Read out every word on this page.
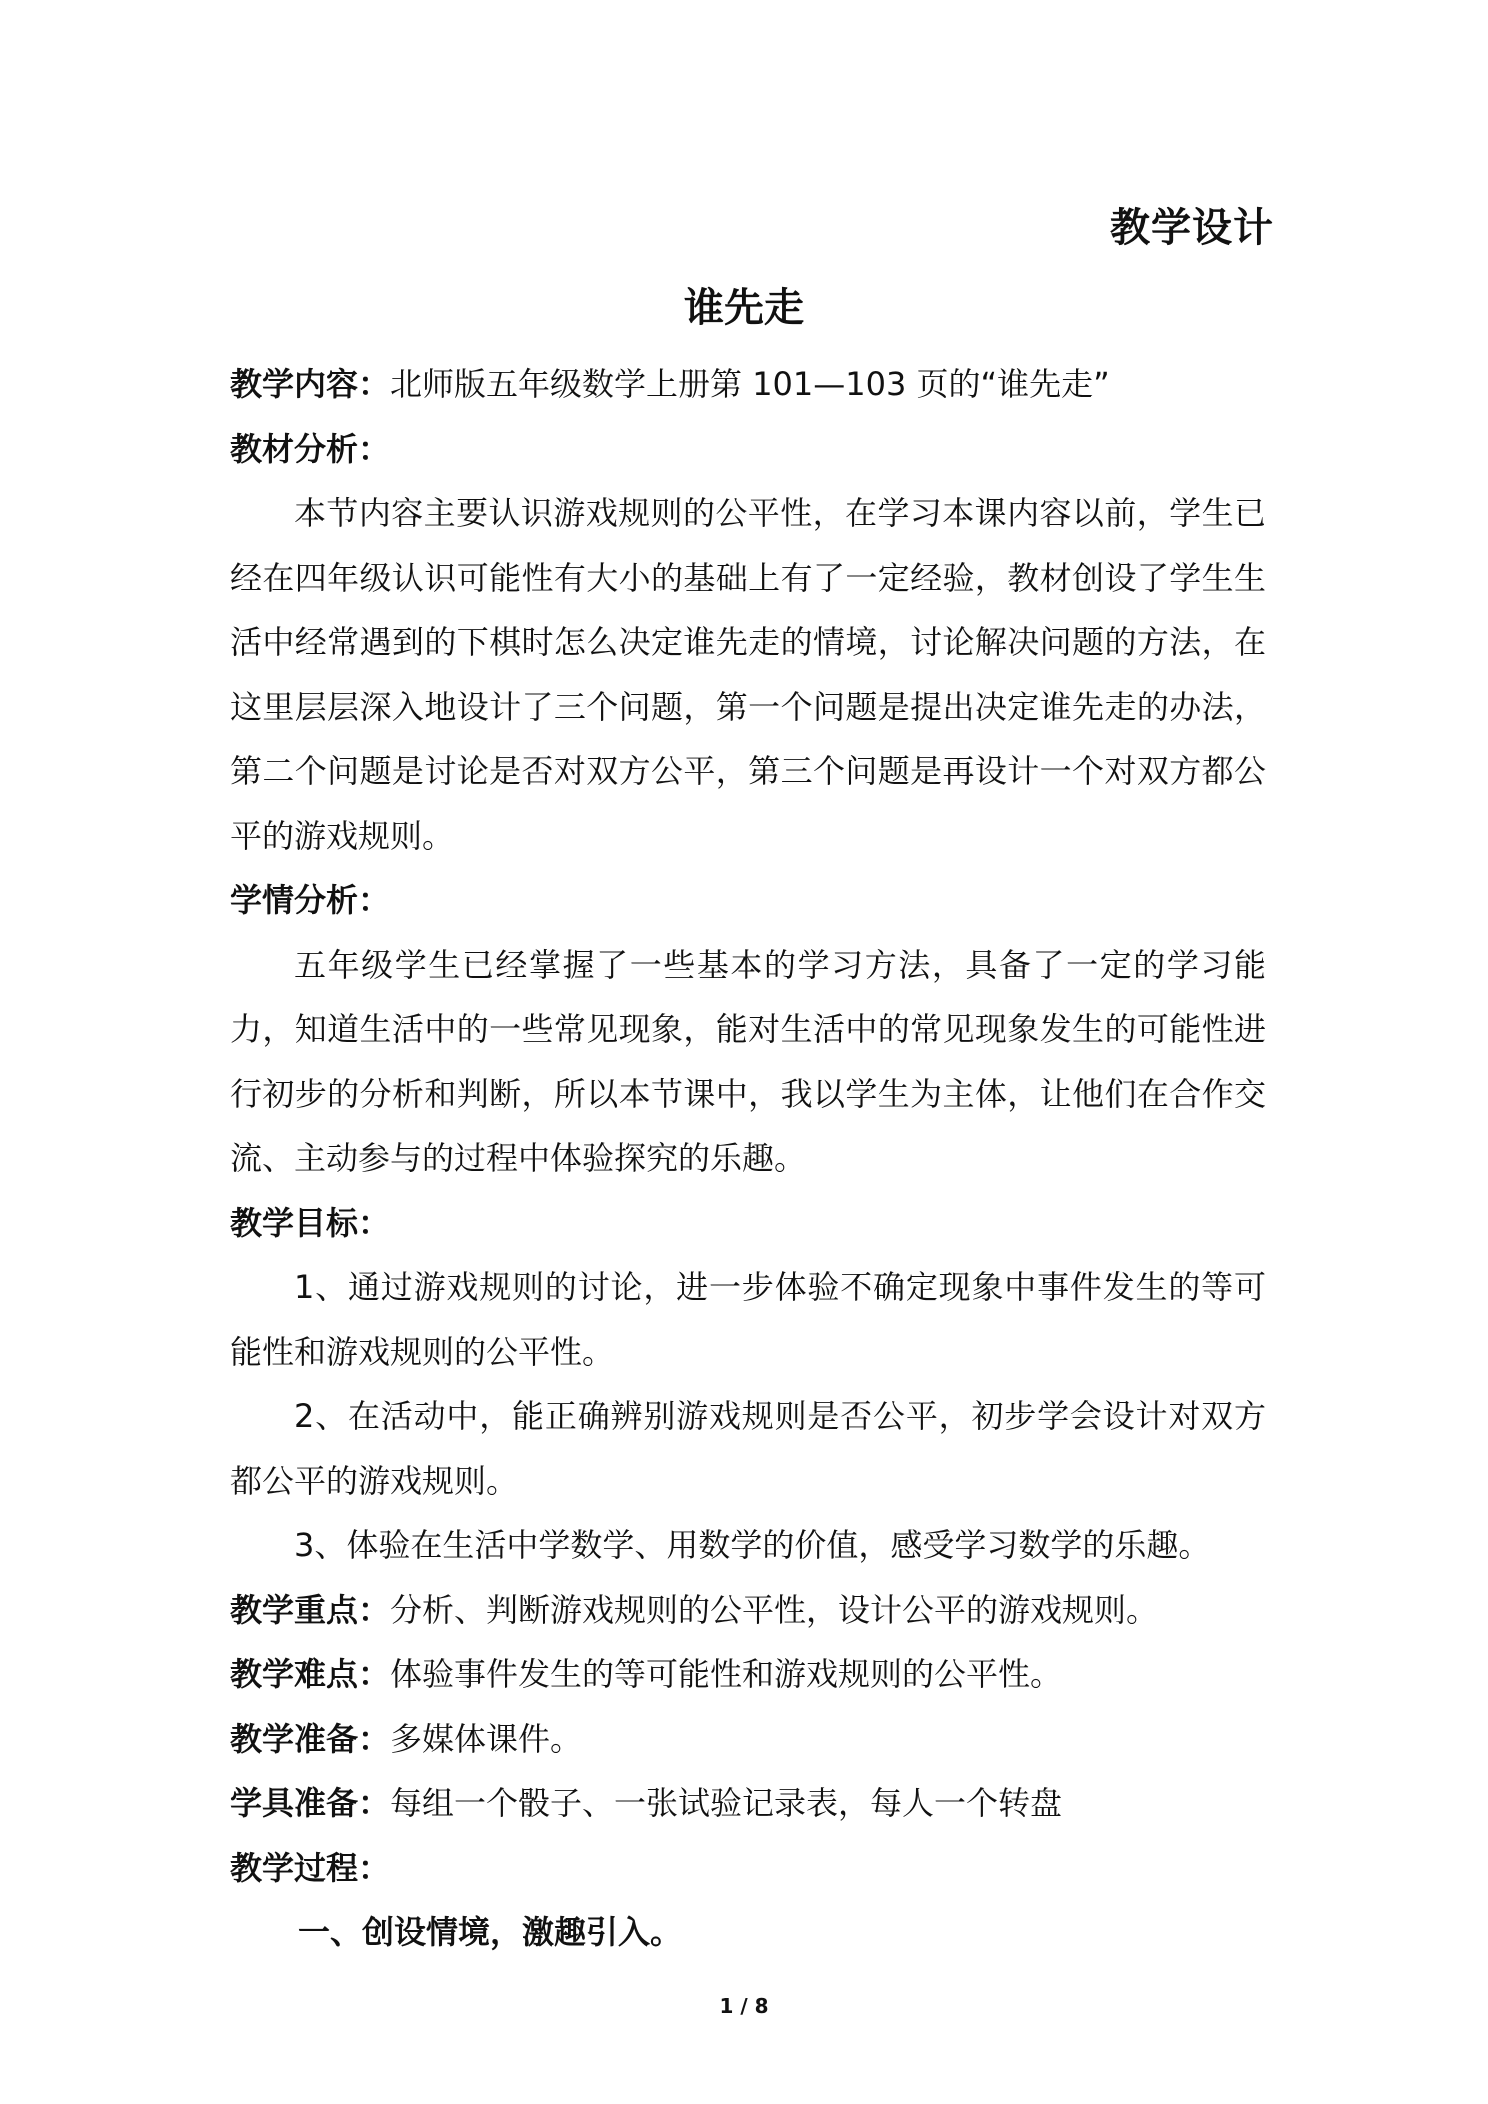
教学设计
谁先走
教学内容：北师版五年级数学上册第 101—103 页的“谁先走”
教材分析：
本节内容主要认识游戏规则的公平性，在学习本课内容以前，学生已经在四年级认识可能性有大小的基础上有了一定经验，教材创设了学生生活中经常遇到的下棋时怎么决定谁先走的情境，讨论解决问题的方法，在这里层层深入地设计了三个问题，第一个问题是提出决定谁先走的办法，第二个问题是讨论是否对双方公平，第三个问题是再设计一个对双方都公平的游戏规则。
学情分析：
五年级学生已经掌握了一些基本的学习方法，具备了一定的学习能力，知道生活中的一些常见现象，能对生活中的常见现象发生的可能性进行初步的分析和判断，所以本节课中，我以学生为主体，让他们在合作交流、主动参与的过程中体验探究的乐趣。
教学目标：
1、通过游戏规则的讨论，进一步体验不确定现象中事件发生的等可能性和游戏规则的公平性。
2、在活动中，能正确辨别游戏规则是否公平，初步学会设计对双方都公平的游戏规则。
3、体验在生活中学数学、用数学的价值，感受学习数学的乐趣。
教学重点：分析、判断游戏规则的公平性，设计公平的游戏规则。
教学难点：体验事件发生的等可能性和游戏规则的公平性。
教学准备：多媒体课件。
学具准备：每组一个骰子、一张试验记录表，每人一个转盘
教学过程：
一、创设情境，激趣引入。
1 / 8
